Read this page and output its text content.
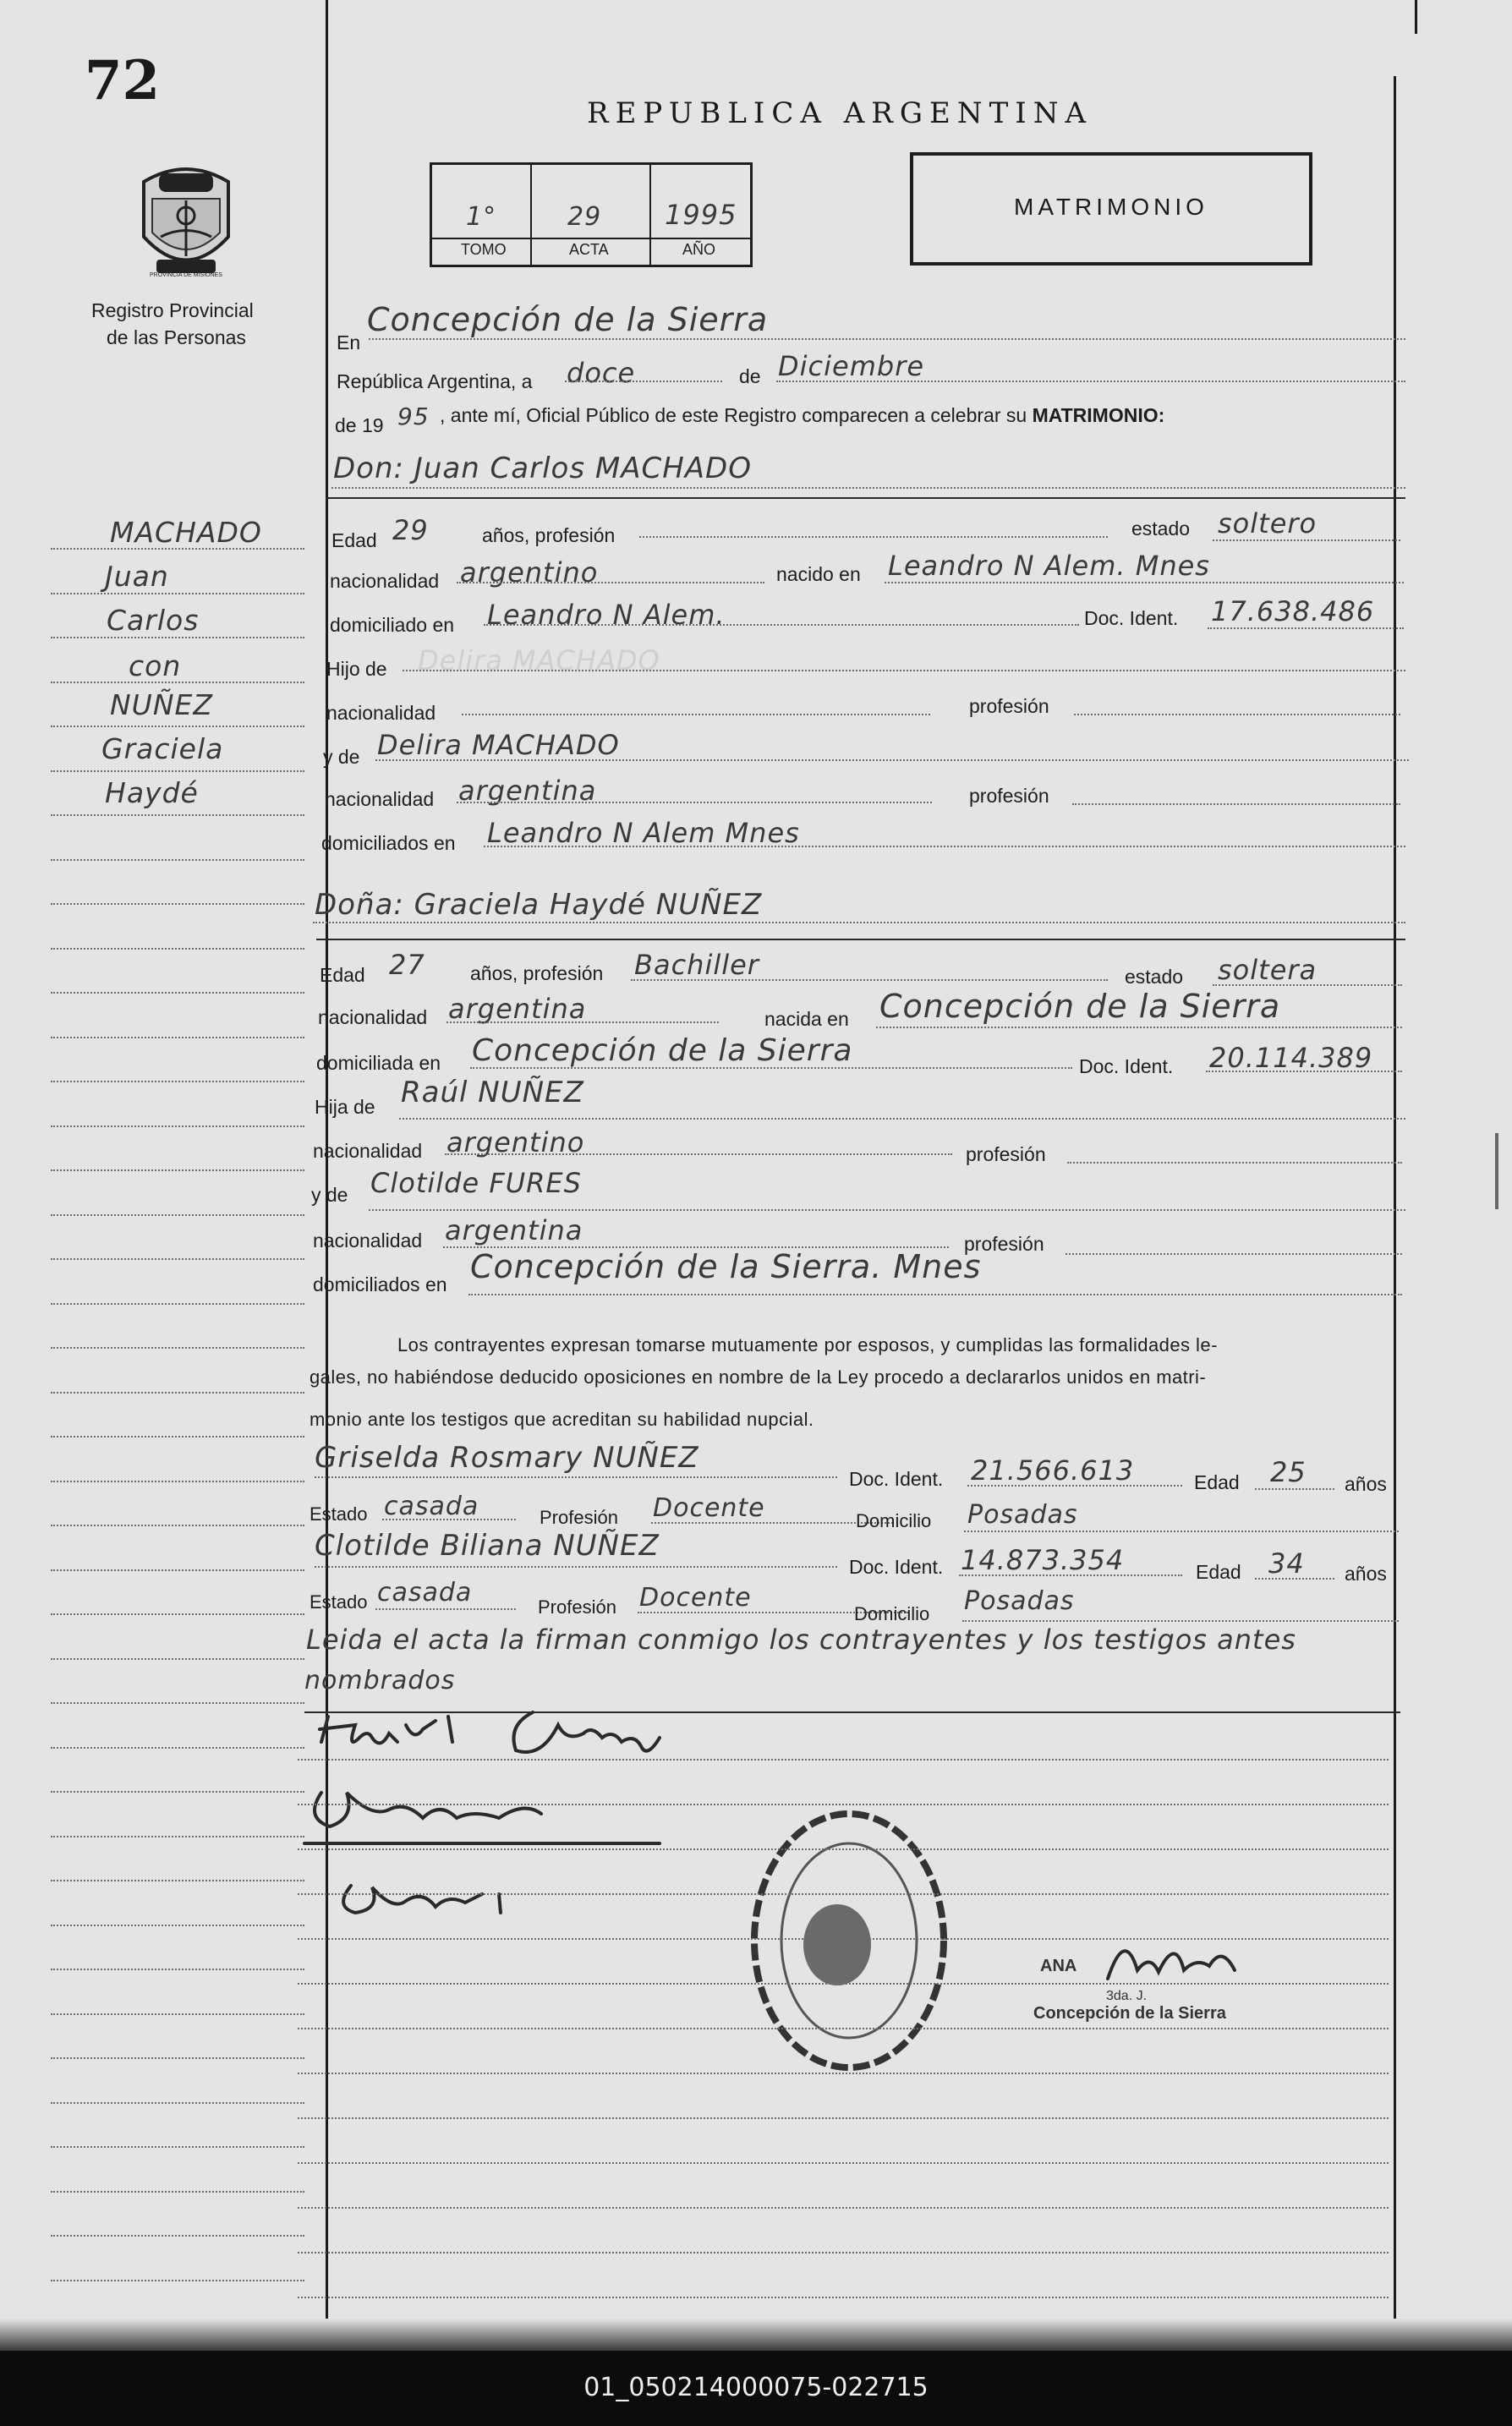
72
PROVINCIA DE MISIONES
Registro Provincial
de las Personas
REPUBLICA ARGENTINA
1°	29 1995
TOMO	ACTA	AÑO
MATRIMONIO
MACHADO
Juan
Carlos
con
NUÑEZ
Graciela
Haydé
En
Concepción de la Sierra
República Argentina, a doce	de Diciembre
de 19 95 , ante mí, Oficial Público de este Registro comparecen a celebrar su MATRIMONIO:
Don: Juan Carlos MACHADO
Edad 29	años, profesión	estado soltero
nacionalidad argentino	nacido en Leandro N Alem. Mnes
domiciliado en Leandro N Alem.	Doc. Ident. 17.638.486
Hijo de Delira MACHADO
nacionalidad	profesión
y de Delira MACHADO
nacionalidad argentina	profesión
domiciliados en Leandro N Alem Mnes
Doña: Graciela Haydé NUÑEZ
Edad 27 años, profesión Bachiller	estado soltera
nacionalidad argentina	nacida en Concepción de la Sierra
domiciliada en Concepción de la Sierra	Doc. Ident. 20.114.389
Hija de Raúl NUÑEZ
nacionalidad argentino	profesión
y de Clotilde FURES
nacionalidad argentina	profesión
domiciliados en Concepción de la Sierra. Mnes
Los contrayentes expresan tomarse mutuamente por esposos, y cumplidas las formalidades le-
gales, no habiéndose deducido oposiciones en nombre de la Ley procedo a declararlos unidos en matri-
monio ante los testigos que acreditan su habilidad nupcial.
Griselda Rosmary NUÑEZ
Doc. Ident. 21.566.613	Edad 25 años
Estado casada	Profesión Docente	Domicilio Posadas
Clotilde Biliana NUÑEZ
Doc. Ident. 14.873.354	Edad 34 años
Estado casada	Profesión Docente
Domicilio Posadas
Leida el acta la firman conmigo los contrayentes y los testigos antes
nombrados
ANA
3da. J.
Concepción de la Sierra
01_050214000075-022715
